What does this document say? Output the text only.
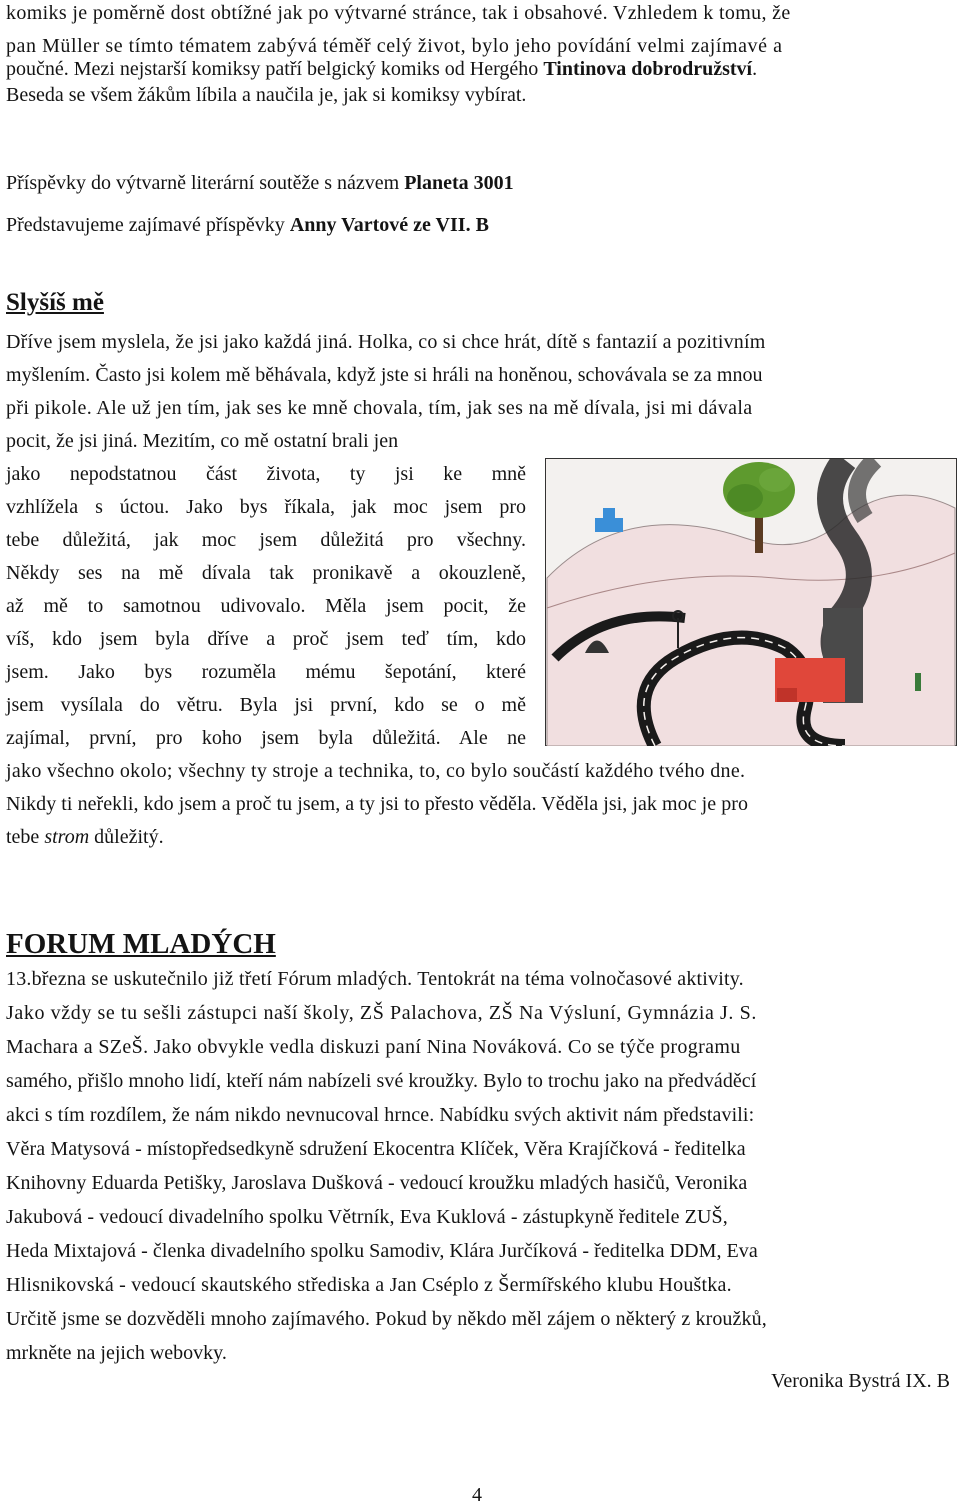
komiks je poměrně dost obtížné jak po výtvarné stránce, tak i obsahové. Vzhledem k tomu, že

pan Müller se tímto tématem zabývá téměř celý život, bylo jeho povídání velmi zajímavé a

poučné. Mezi nejstarší komiksy patří belgický komiks od Hergého Tintinova dobrodružství.

Beseda se všem žákům líbila a naučila je, jak si komiksy vybírat.

Příspěvky do výtvarně literární soutěže s názvem Planeta 3001

Představujeme zajímavé příspěvky Anny Vartové ze VII. B

Slyšíš mě

Dříve jsem myslela, že jsi jako každá jiná. Holka, co si chce hrát, dítě s fantazií a pozitivním

myšlením. Často jsi kolem mě běhávala, když jste si hráli na honěnou, schovávala se za mnou

při pikole. Ale už jen tím, jak ses ke mně chovala, tím, jak ses na mě dívala, jsi mi dávala

pocit, že jsi jiná. Mezitím, co mě ostatní brali jen

jako nepodstatnou část života, ty jsi ke mně

vzhlížela s úctou. Jako bys říkala, jak moc jsem pro

tebe důležitá, jak moc jsem důležitá pro všechny.

Někdy ses na mě dívala tak pronikavě a okouzleně,

až mě to samotnou udivovalo. Měla jsem pocit, že

víš, kdo jsem byla dříve a proč jsem teď tím, kdo

jsem. Jako bys rozuměla mému šepotání, které

jsem vysílala do větru. Byla jsi první, kdo se o mě

zajímal, první, pro koho jsem byla důležitá. Ale ne

jako všechno okolo; všechny ty stroje a technika, to, co bylo součástí každého tvého dne.

Nikdy ti neřekli, kdo jsem a proč tu jsem, a ty jsi to přesto věděla. Věděla jsi, jak moc je pro

tebe strom důležitý.

FORUM MLADÝCH

13.března se uskutečnilo již třetí Fórum mladých. Tentokrát na téma volnočasové aktivity.

Jako vždy se tu sešli zástupci naší školy, ZŠ Palachova, ZŠ Na Výsluní, Gymnázia J. S.

Machara a SZeŠ. Jako obvykle vedla diskuzi paní Nina Nováková. Co se týče programu

samého, přišlo mnoho lidí, kteří nám nabízeli své kroužky. Bylo to trochu jako na předváděcí

akci s tím rozdílem, že nám nikdo nevnucoval hrnce. Nabídku svých aktivit nám představili:

Věra Matysová - místopředsedkyně sdružení Ekocentra Klíček, Věra Krajíčková - ředitelka

Knihovny Eduarda Petišky, Jaroslava Dušková - vedoucí kroužku mladých hasičů, Veronika

Jakubová - vedoucí divadelního spolku Větrník, Eva Kuklová - zástupkyně ředitele ZUŠ,

Heda Mixtajová - členka divadelního spolku Samodiv, Klára Jurčíková - ředitelka DDM, Eva

Hlisnikovská - vedoucí skautského střediska a Jan Cséplo z Šermířského klubu Houštka.

Určitě jsme se dozvěděli mnoho zajímavého. Pokud by někdo měl zájem o některý z kroužků,

mrkněte na jejich webovky.

Veronika Bystrá IX. B

4
